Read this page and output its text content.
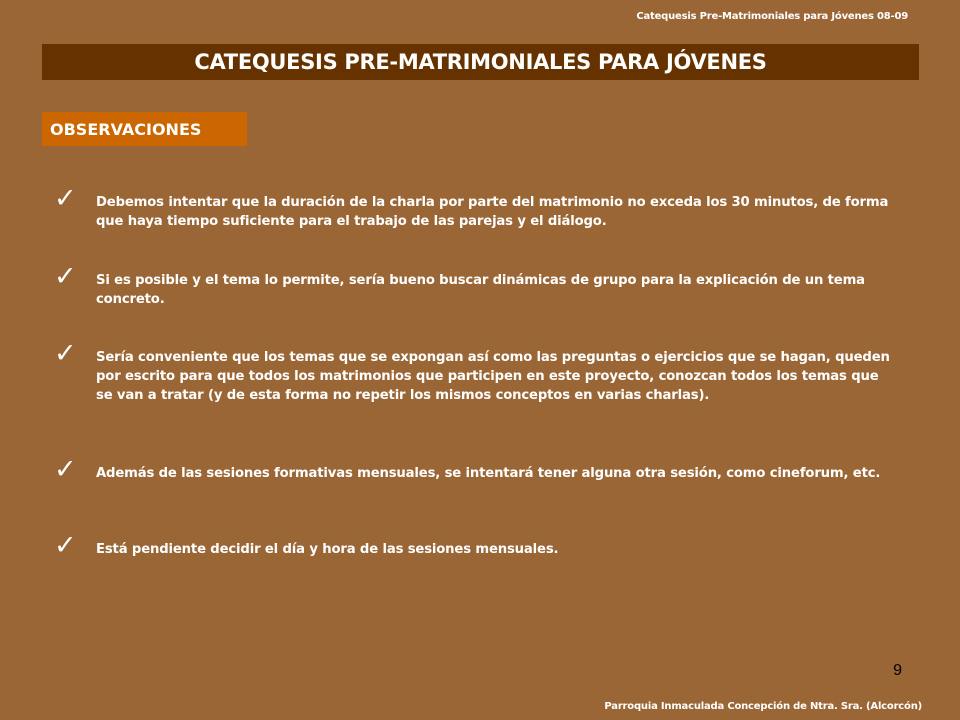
Catequesis Pre-Matrimoniales para Jóvenes 08-09
CATEQUESIS PRE-MATRIMONIALES PARA JÓVENES
OBSERVACIONES
✓	Debemos intentar que la duración de la charla por parte del matrimonio no exceda los 30 minutos, de forma que haya tiempo suficiente para el trabajo de las parejas y el diálogo.
✓	Si es posible y el tema lo permite, sería bueno buscar dinámicas de grupo para la explicación de un tema concreto.
✓	Sería conveniente que los temas que se expongan así como las preguntas o ejercicios que se hagan, queden por escrito para que todos los matrimonios que participen en este proyecto, conozcan todos los temas que se van a tratar (y de esta forma no repetir los mismos conceptos en varias charlas).
✓	Además de las sesiones formativas mensuales, se intentará tener alguna otra sesión, como cineforum, etc.
✓	Está pendiente decidir el día y hora de las sesiones mensuales.
9
Parroquia Inmaculada Concepción de Ntra. Sra. (Alcorcón)
